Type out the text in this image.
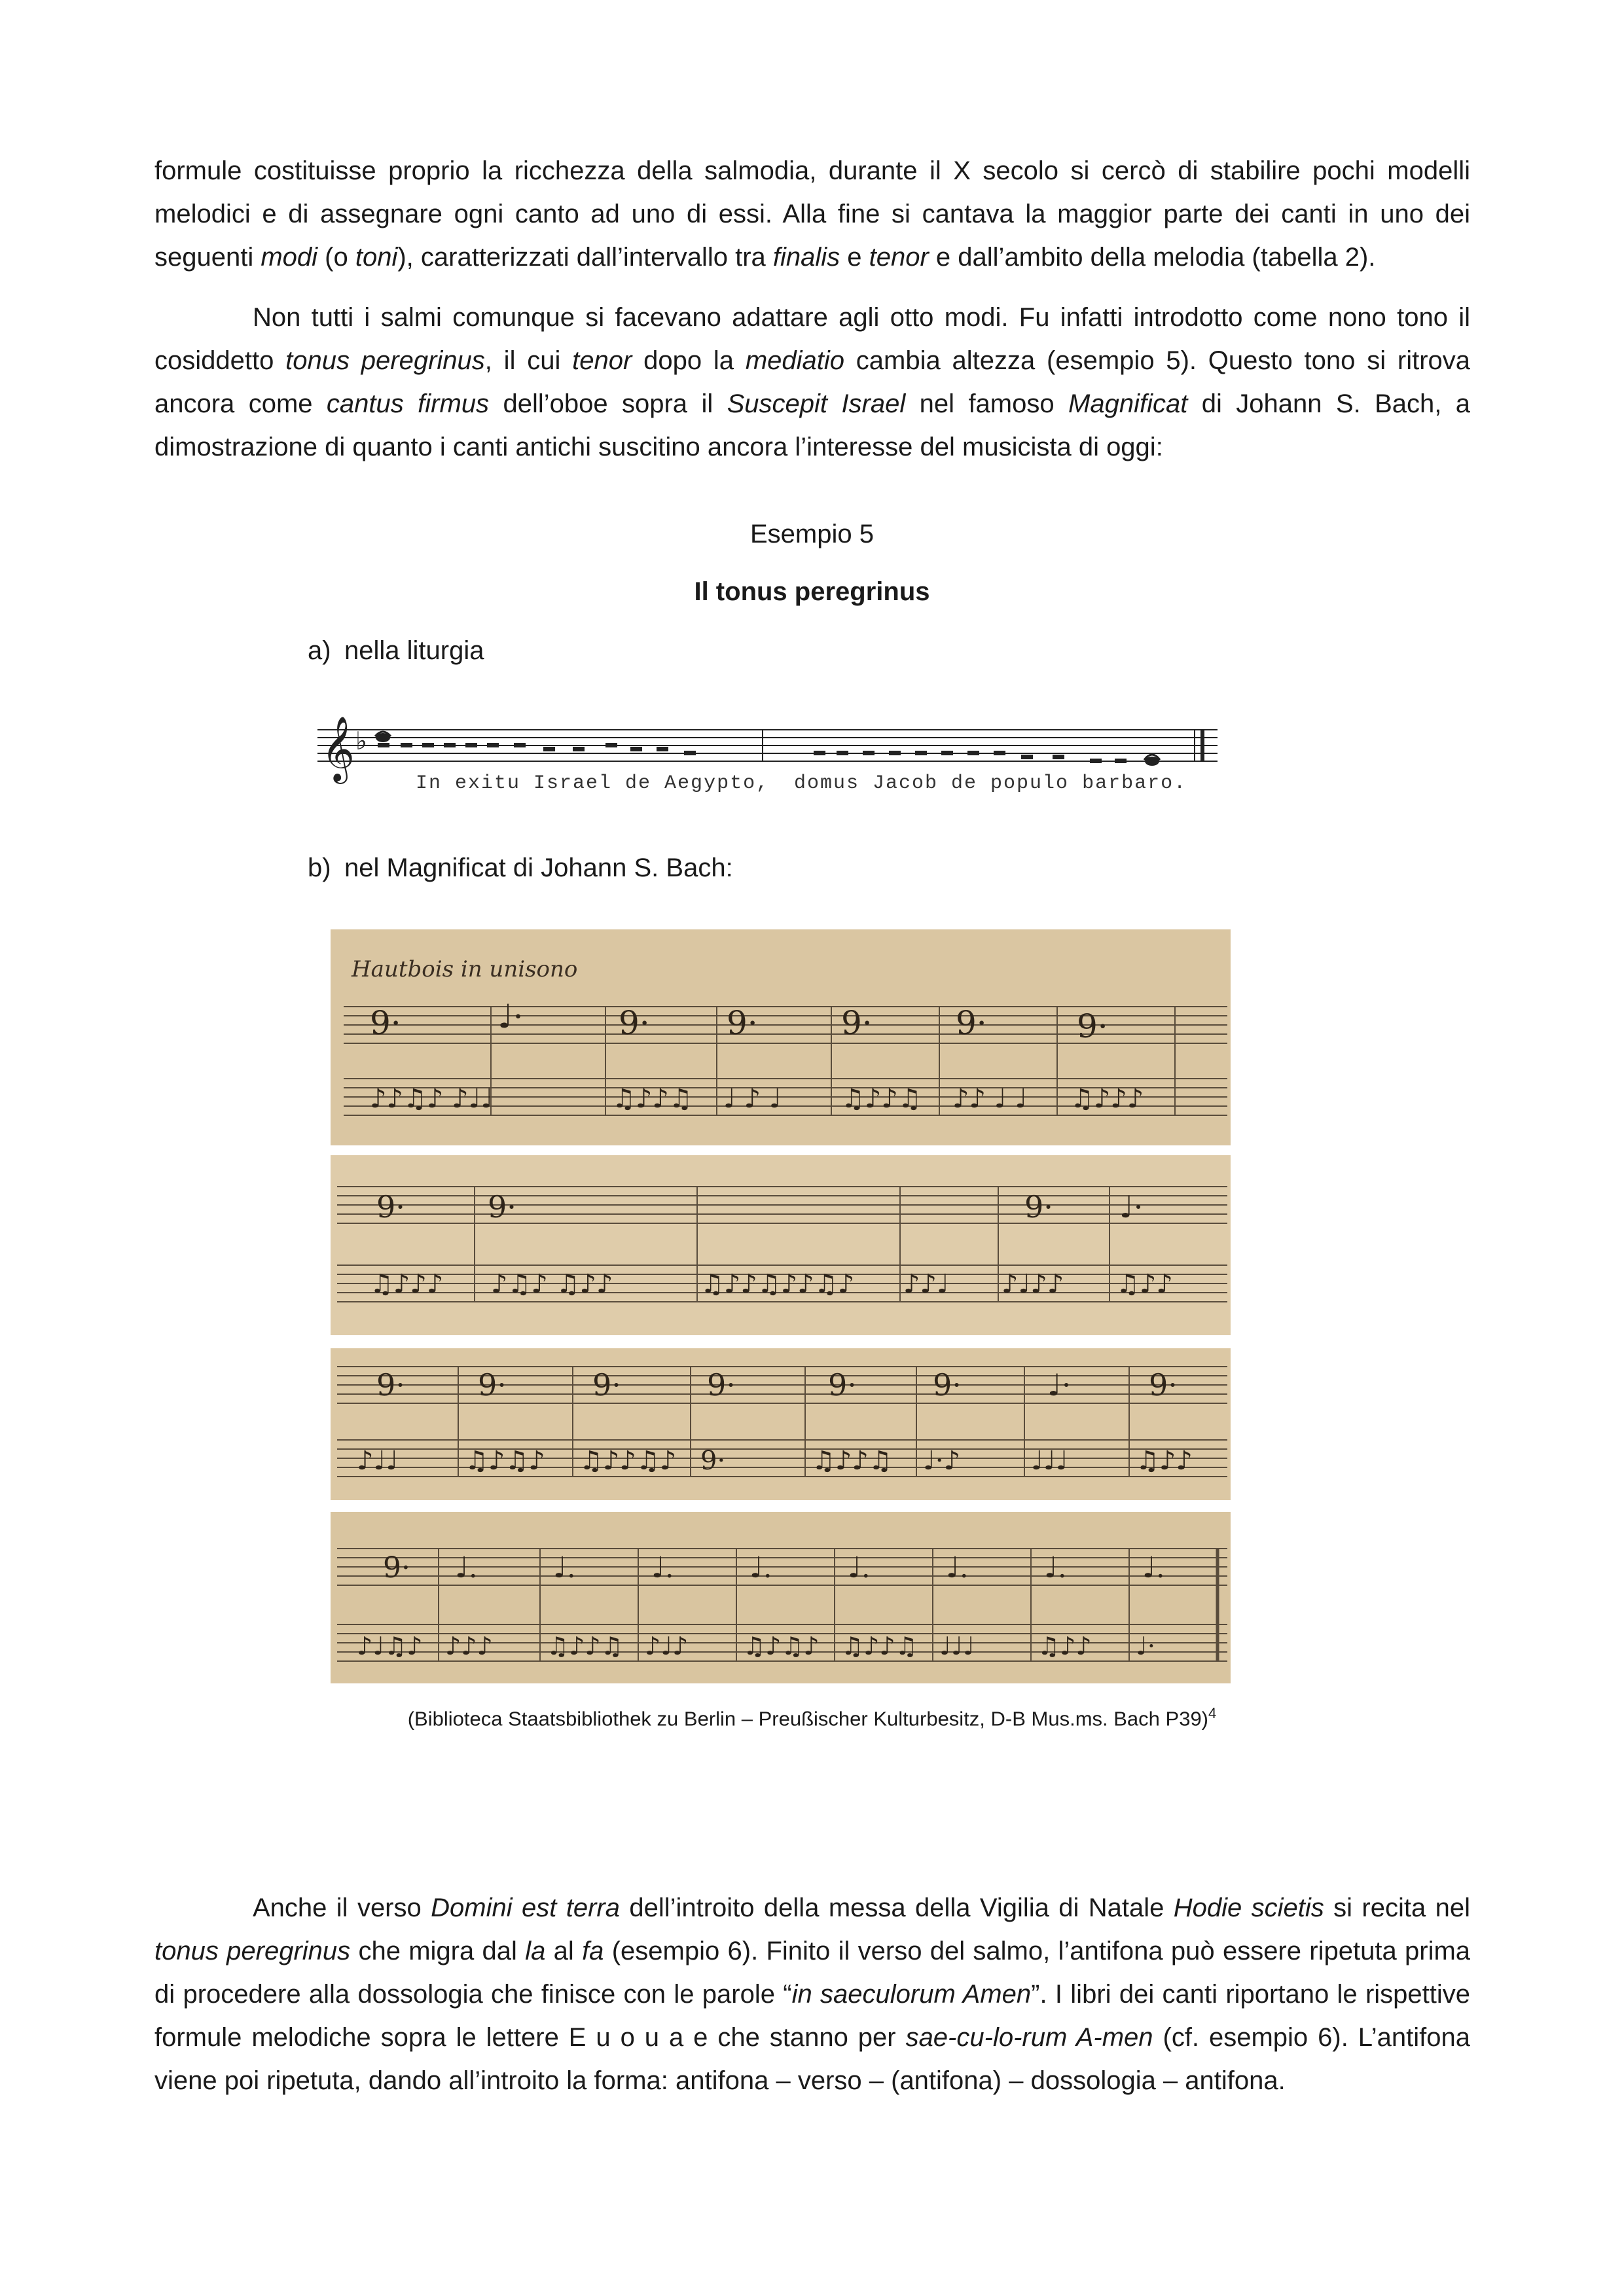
formule costituisse proprio la ricchezza della salmodia, durante il X secolo si cercò di stabilire pochi modelli melodici e di assegnare ogni canto ad uno di essi. Alla fine si cantava la maggior parte dei canti in uno dei seguenti modi (o toni), caratterizzati dall’intervallo tra finalis e tenor e dall’ambito della melodia (tabella 2).

Non tutti i salmi comunque si facevano adattare agli otto modi. Fu infatti introdotto come nono tono il cosiddetto tonus peregrinus, il cui tenor dopo la mediatio cambia altezza (esempio 5). Questo tono si ritrova ancora come cantus firmus dell’oboe sopra il Suscepit Israel nel famoso Magnificat di Johann S. Bach, a dimostrazione di quanto i canti antichi suscitino ancora l’interesse del musicista di oggi:

Esempio 5

Il tonus peregrinus

a) nella liturgia

𝄞 ♭
In exitu Israel de Aegypto, domus Jacob de populo barbaro.

b) nel Magnificat di Johann S. Bach:

9·	♩·	9· 9·	9·	9·	9·
♪♪♫♪ ♪♩♩	♫♪♪♫ ♩ ♪ ♩ ♫♪♪♫ ♪♪ ♩ ♩ ♫♪♪♪
Hautbois in unisono
9·	9·	9· ♩·
♫♪♪♪ ♪♫♪ ♫♪♪	♫♪♪♫♪♪♫♪ ♪♪♩ ♪♩♪♪ ♫♪♪
9· 9·	9·	9·	9·	9·	♩·	9·
♪♩♩	♫♪♫♪ ♫♪♪♫♪ 9·	♫♪♪♫ ♩·♪	♩♩♩	♫♪♪
9· ♩.	♩.	♩.	♩.	♩.	♩.	♩.	♩.
♪♩♫♪ ♪♪♪ ♫♪♪♫ ♪♩♪ ♫♪♫♪ ♫♪♪♫ ♩♩♩	♫♪♪ ♩·

(Biblioteca Staatsbibliothek zu Berlin – Preußischer Kulturbesitz, D-B Mus.ms. Bach P39)$^4$

Anche il verso Domini est terra dell’introito della messa della Vigilia di Natale Hodie scietis si recita nel tonus peregrinus che migra dal la al fa (esempio 6). Finito il verso del salmo, l’antifona può essere ripetuta prima di procedere alla dossologia che finisce con le parole “in saeculorum Amen”. I libri dei canti riportano le rispettive formule melodiche sopra le lettere E u o u a e che stanno per sae-cu-lo-rum A-men (cf. esempio 6). L’antifona viene poi ripetuta, dando all’introito la forma: antifona – verso – (antifona) – dossologia – antifona.
